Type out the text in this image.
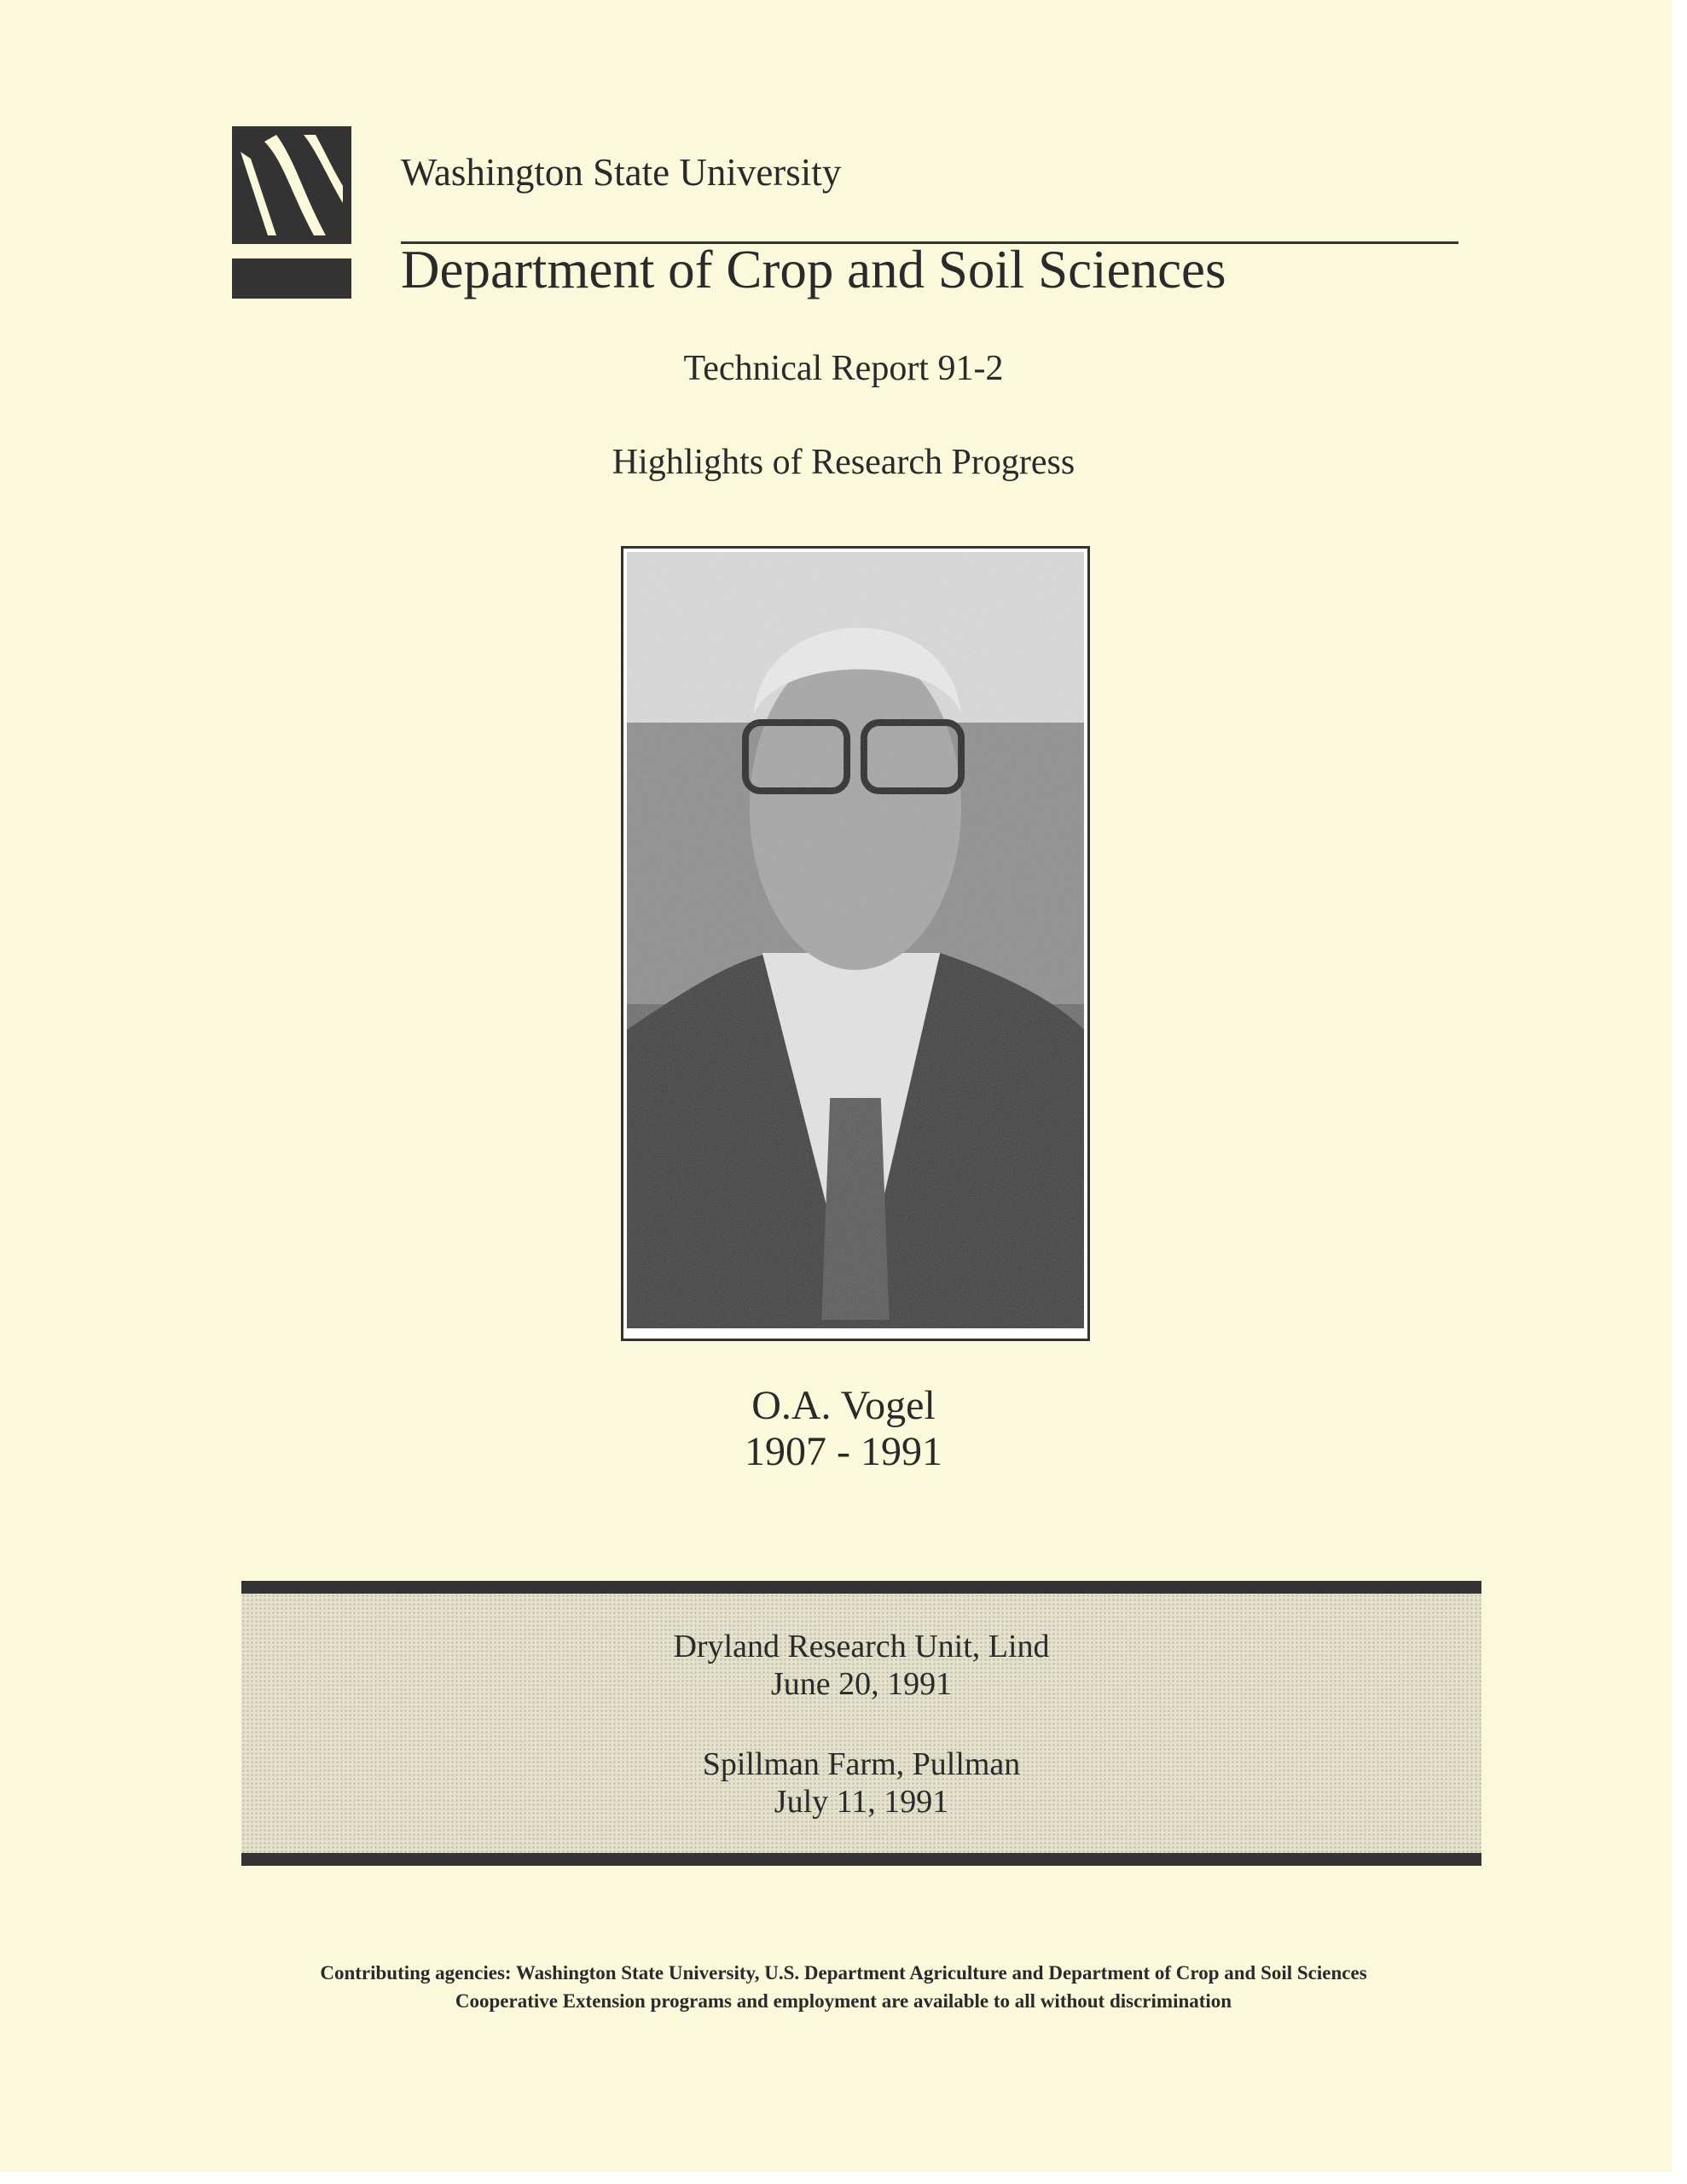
Washington State University
Department of Crop and Soil Sciences
Technical Report 91-2
Highlights of Research Progress
O.A. Vogel
1907 - 1991
Dryland Research Unit, Lind
June 20, 1991
Spillman Farm, Pullman
July 11, 1991
Contributing agencies: Washington State University, U.S. Department Agriculture and Department of Crop and Soil Sciences
Cooperative Extension programs and employment are available to all without discrimination
